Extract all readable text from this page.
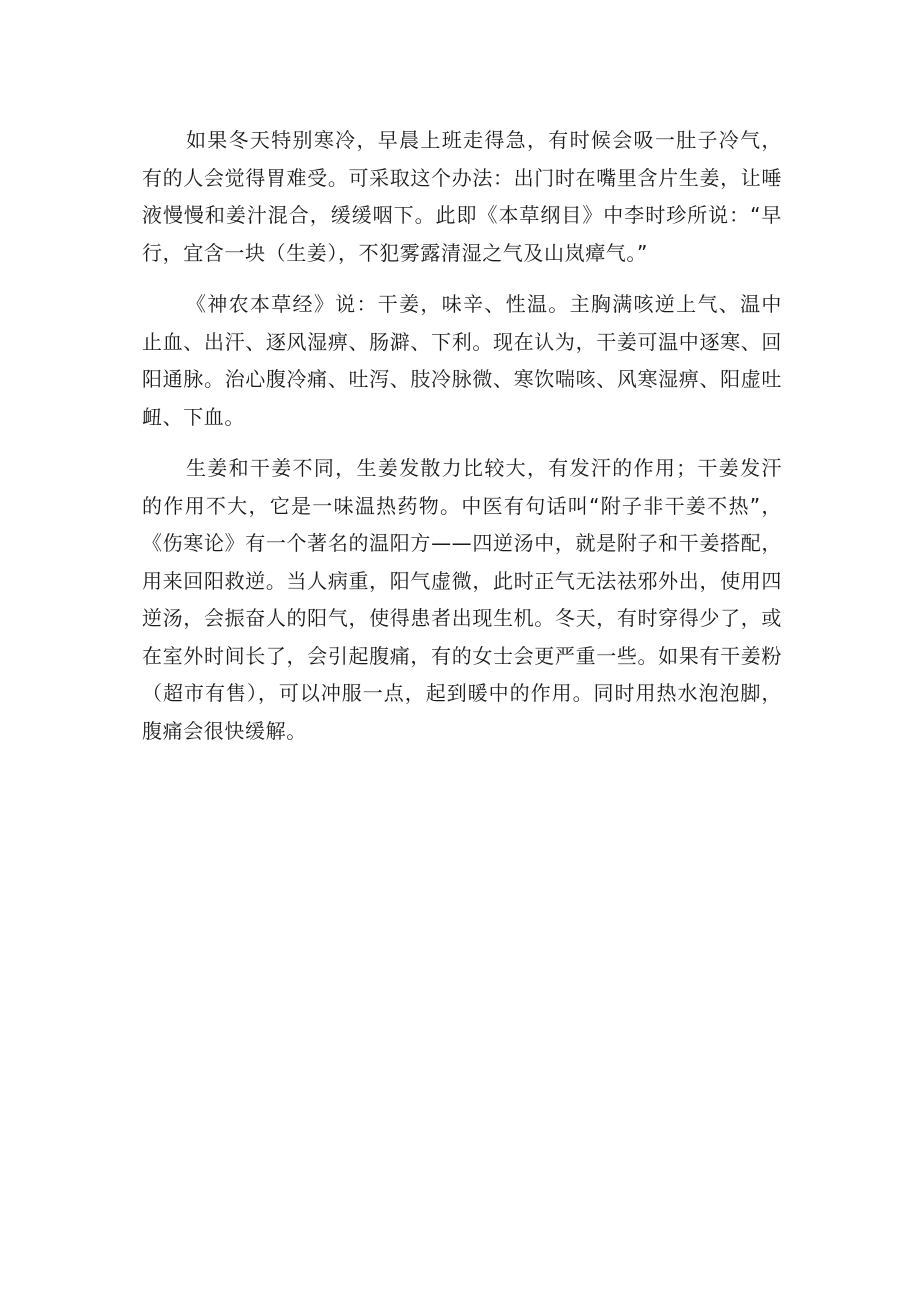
如果冬天特别寒冷，早晨上班走得急，有时候会吸一肚子冷气，有的人会觉得胃难受。可采取这个办法：出门时在嘴里含片生姜，让唾液慢慢和姜汁混合，缓缓咽下。此即《本草纲目》中李时珍所说：“早行，宜含一块（生姜），不犯雾露清湿之气及山岚瘴气。”

《神农本草经》说：干姜，味辛、性温。主胸满咳逆上气、温中止血、出汗、逐风湿痹、肠澼、下利。现在认为，干姜可温中逐寒、回阳通脉。治心腹冷痛、吐泻、肢冷脉微、寒饮喘咳、风寒湿痹、阳虚吐衄、下血。

生姜和干姜不同，生姜发散力比较大，有发汗的作用；干姜发汗的作用不大，它是一味温热药物。中医有句话叫“附子非干姜不热”，《伤寒论》有一个著名的温阳方——四逆汤中，就是附子和干姜搭配，用来回阳救逆。当人病重，阳气虚微，此时正气无法祛邪外出，使用四逆汤，会振奋人的阳气，使得患者出现生机。冬天，有时穿得少了，或在室外时间长了，会引起腹痛，有的女士会更严重一些。如果有干姜粉（超市有售），可以冲服一点，起到暖中的作用。同时用热水泡泡脚，腹痛会很快缓解。
